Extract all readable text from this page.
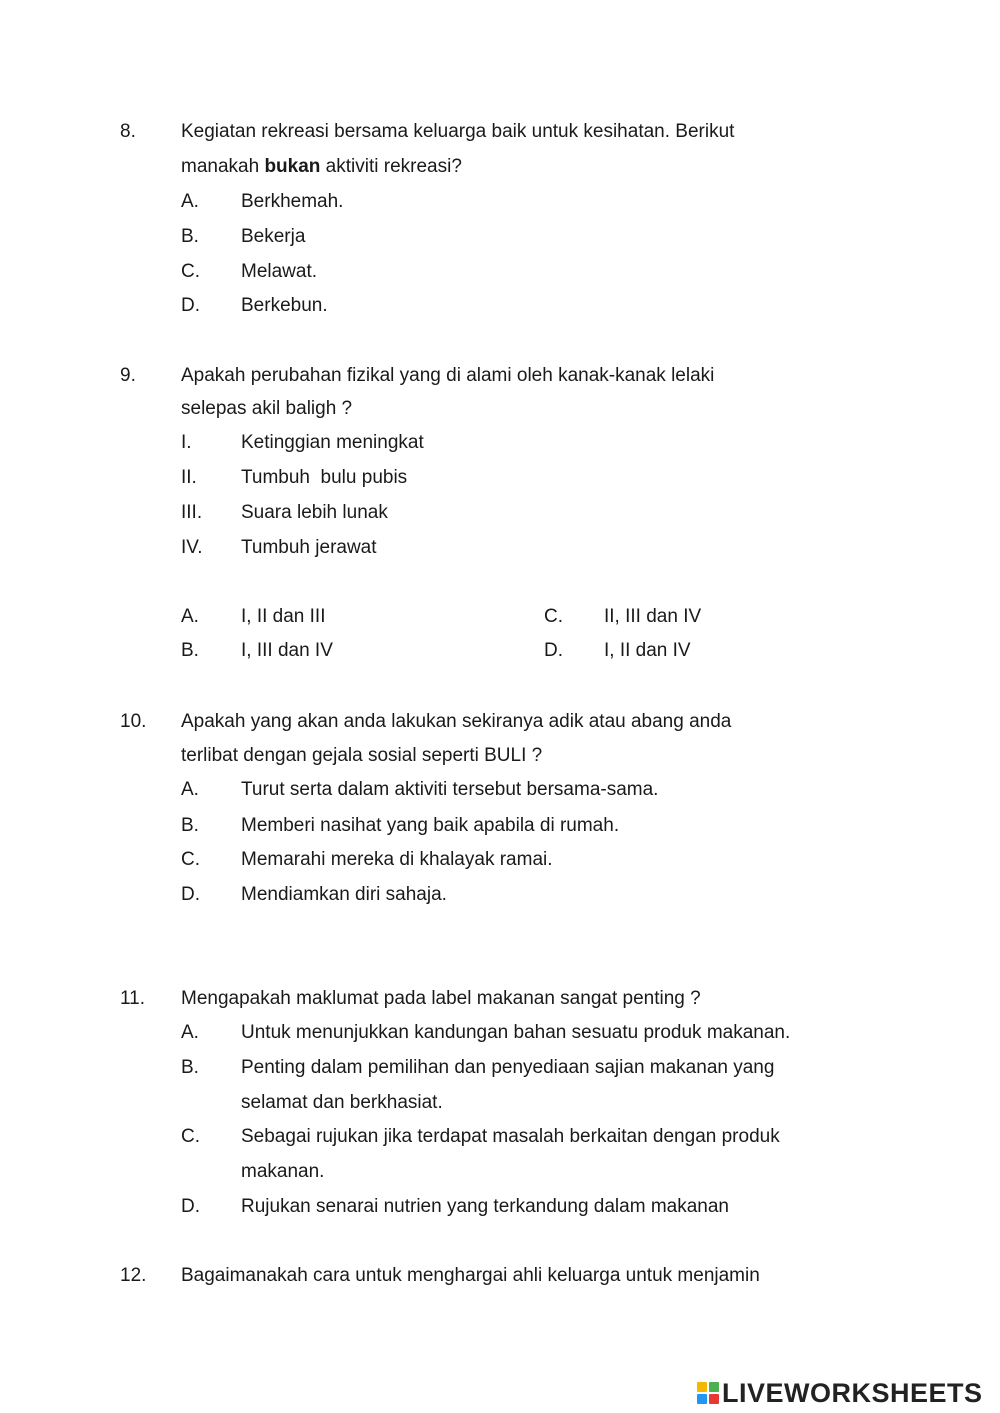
8. Kegiatan rekreasi bersama keluarga baik untuk kesihatan. Berikut
manakah bukan aktiviti rekreasi?
A. Berkhemah.
B. Bekerja
C. Melawat.
D. Berkebun.
9. Apakah perubahan fizikal yang di alami oleh kanak-kanak lelaki
selepas akil baligh ?
I.	Ketinggian meningkat
II. Tumbuh  bulu pubis
III. Suara lebih lunak
IV. Tumbuh jerawat
A. I, II dan III	C. II, III dan IV
B. I, III dan IV	D. I, II dan IV
10. Apakah yang akan anda lakukan sekiranya adik atau abang anda
terlibat dengan gejala sosial seperti BULI ?
A. Turut serta dalam aktiviti tersebut bersama-sama.
B. Memberi nasihat yang baik apabila di rumah.
C. Memarahi mereka di khalayak ramai.
D. Mendiamkan diri sahaja.
11. Mengapakah maklumat pada label makanan sangat penting ?
A. Untuk menunjukkan kandungan bahan sesuatu produk makanan.
B. Penting dalam pemilihan dan penyediaan sajian makanan yang
selamat dan berkhasiat.
C. Sebagai rujukan jika terdapat masalah berkaitan dengan produk
makanan.
D. Rujukan senarai nutrien yang terkandung dalam makanan
12. Bagaimanakah cara untuk menghargai ahli keluarga untuk menjamin
LIVEWORKSHEETS
